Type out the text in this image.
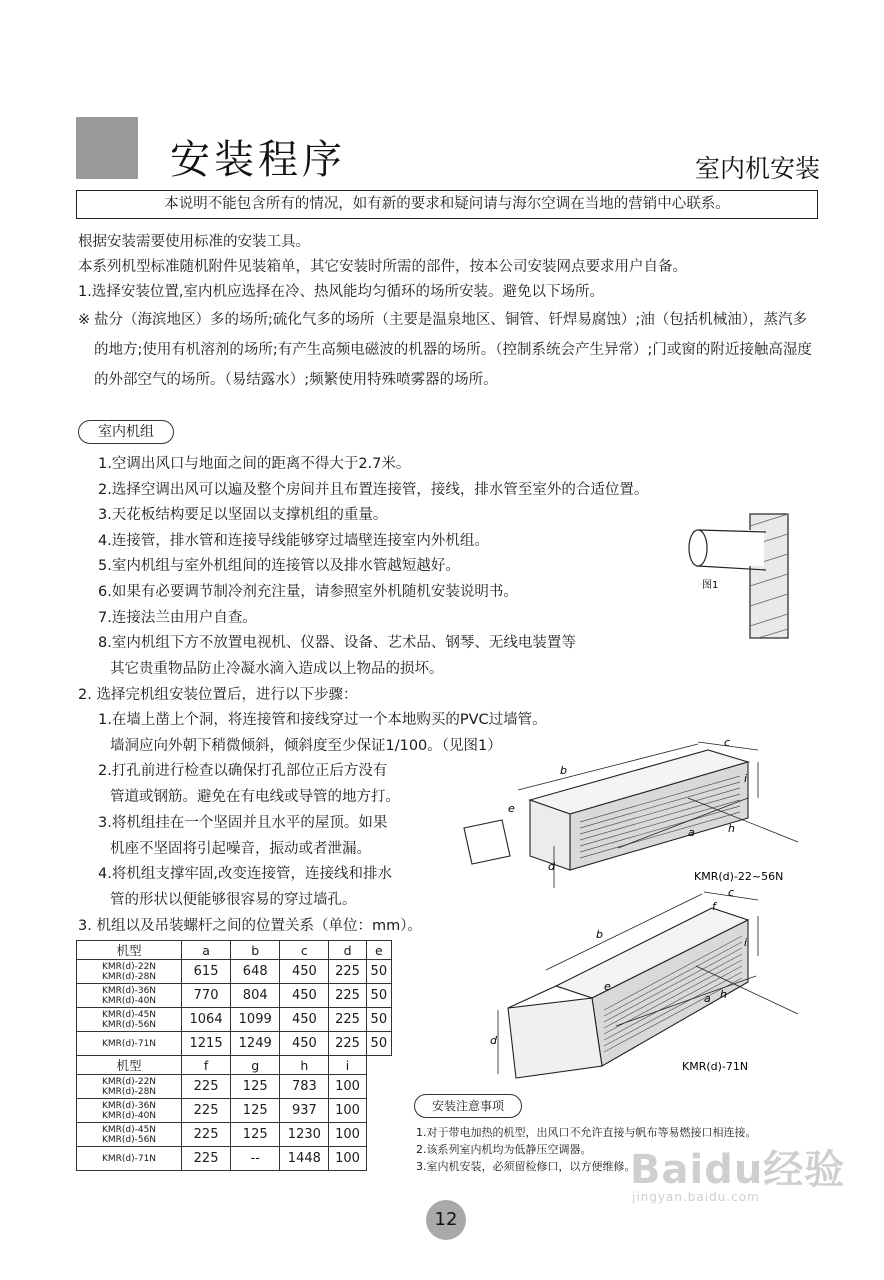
安装程序	室内机安装
本说明不能包含所有的情况，如有新的要求和疑问请与海尔空调在当地的营销中心联系。

根据安装需要使用标准的安装工具。

本系列机型标准随机附件见装箱单，其它安装时所需的部件，按本公司安装网点要求用户自备。

1.选择安装位置,室内机应选择在冷、热风能均匀循环的场所安装。避免以下场所。

※ 盐分（海滨地区）多的场所;硫化气多的场所（主要是温泉地区、铜管、钎焊易腐蚀）;油（包括机械油），蒸汽多的地方;使用有机溶剂的场所;有产生高频电磁波的机器的场所。（控制系统会产生异常）;门或窗的附近接触高湿度的外部空气的场所。（易结露水）;频繁使用特殊喷雾器的场所。
室内机组
1.空调出风口与地面之间的距离不得大于2.7米。
2.选择空调出风可以遍及整个房间并且布置连接管，接线，排水管至室外的合适位置。
3.天花板结构要足以坚固以支撑机组的重量。
4.连接管，排水管和连接导线能够穿过墙壁连接室内外机组。
5.室内机组与室外机组间的连接管以及排水管越短越好。
6.如果有必要调节制冷剂充注量，请参照室外机随机安装说明书。
7.连接法兰由用户自查。
8.室内机组下方不放置电视机、仪器、设备、艺术品、钢琴、无线电装置等
其它贵重物品防止冷凝水滴入造成以上物品的损坏。
图1
2. 选择完机组安装位置后，进行以下步骤：
1.在墙上凿上个洞，将连接管和接线穿过一个本地购买的PVC过墙管。
墙洞应向外朝下稍微倾斜，倾斜度至少保证1/100。（见图1）
2.打孔前进行检查以确保打孔部位正后方没有
管道或钢筋。避免在有电线或导管的地方打。
3.将机组挂在一个坚固并且水平的屋顶。如果
机座不坚固将引起噪音，振动或者泄漏。
4.将机组支撑牢固,改变连接管，连接线和排水
管的形状以便能够很容易的穿过墙孔。
b
c
e
i
a	h
d
KMR(d)-22~56N
3. 机组以及吊装螺杆之间的位置关系（单位：mm）。
机型	a	b	c	d	e

KMR(d)-22N
KMR(d)-28N	615	648	450	225	50

KMR(d)-36N
KMR(d)-40N	770	804	450	225	50

KMR(d)-45N
KMR(d)-56N	1064	1099	450	225	50

KMR(d)-71N	1215	1249	450	225	50
机型	f	g	h	i	

KMR(d)-22N
KMR(d)-28N	225	125	783	100	

KMR(d)-36N
KMR(d)-40N	225	125	937	100	

KMR(d)-45N
KMR(d)-56N	225	125	1230	100	

KMR(d)-71N	225	--	1448	100	
b
c
f
i
e
a h
d
KMR(d)-71N
安装注意事项
1.对于带电加热的机型，出风口不允许直接与帆布等易燃接口相连接。
2.该系列室内机均为低静压空调器。
3.室内机安装，必须留检修口，以方便维修。
Baidu经验
jingyan.baidu.com
12
